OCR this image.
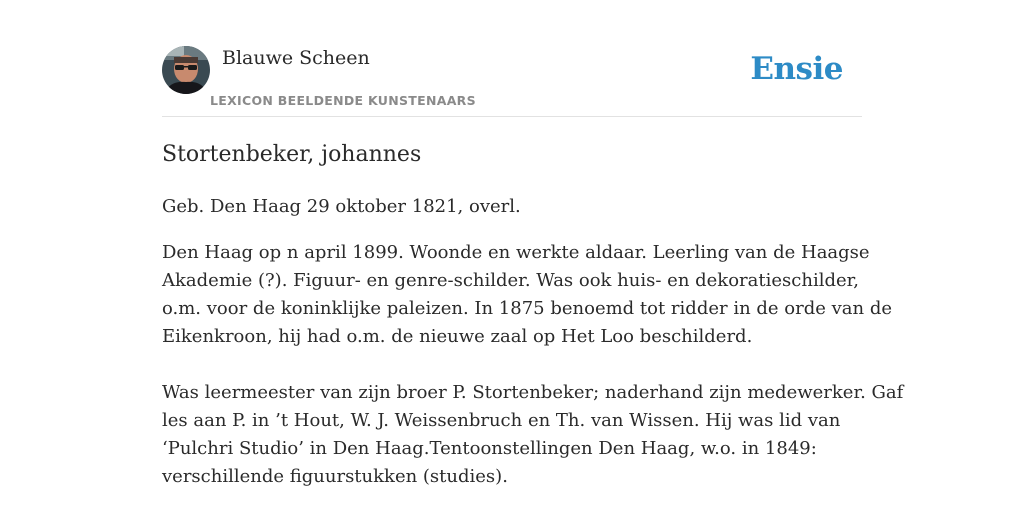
Blauwe Scheen
LEXICON BEELDENDE KUNSTENAARS
Ensie
Stortenbeker, johannes

Geb. Den Haag 29 oktober 1821, overl.

Den Haag op n april 1899. Woonde en werkte aldaar. Leerling van de Haagse

Akademie (?). Figuur- en genre-schilder. Was ook huis- en dekoratieschilder,

o.m. voor de koninklijke paleizen. In 1875 benoemd tot ridder in de orde van de

Eikenkroon, hij had o.m. de nieuwe zaal op Het Loo beschilderd.

Was leermeester van zijn broer P. Stortenbeker; naderhand zijn medewerker. Gaf

les aan P. in ’t Hout, W. J. Weissenbruch en Th. van Wissen. Hij was lid van

‘Pulchri Studio’ in Den Haag.Tentoonstellingen Den Haag, w.o. in 1849:

verschillende figuurstukken (studies).
